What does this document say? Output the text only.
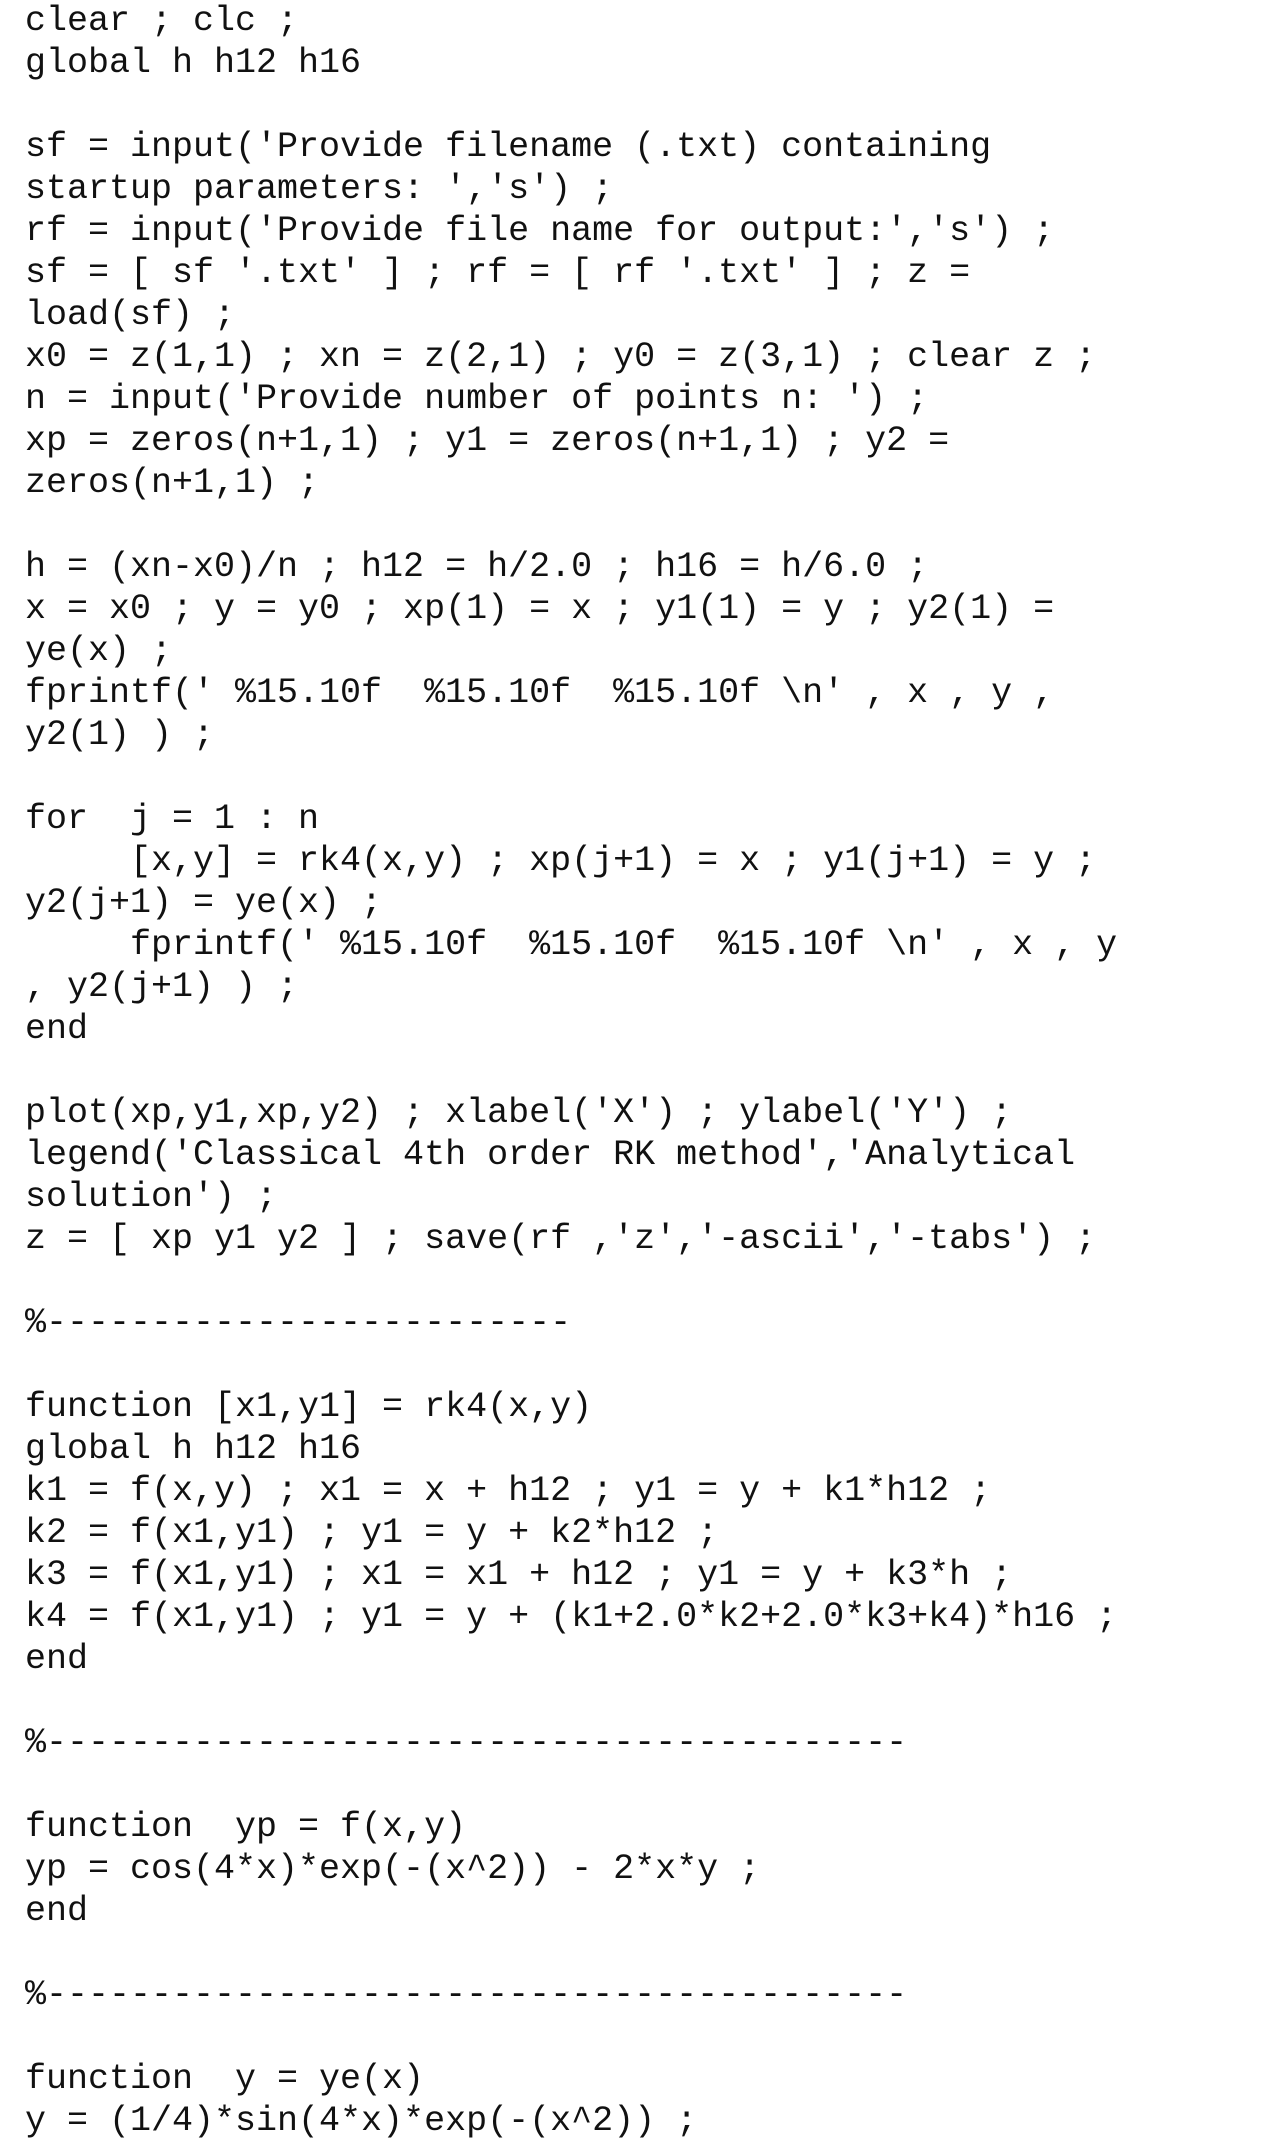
clear ; clc ;
global h h12 h16
sf = input('Provide filename (.txt) containing
startup parameters: ','s') ;
rf = input('Provide file name for output:','s') ;
sf = [ sf '.txt' ] ; rf = [ rf '.txt' ] ; z =
load(sf) ;
x0 = z(1,1) ; xn = z(2,1) ; y0 = z(3,1) ; clear z ;
n = input('Provide number of points n: ') ;
xp = zeros(n+1,1) ; y1 = zeros(n+1,1) ; y2 =
zeros(n+1,1) ;
h = (xn-x0)/n ; h12 = h/2.0 ; h16 = h/6.0 ;
x = x0 ; y = y0 ; xp(1) = x ; y1(1) = y ; y2(1) =
ye(x) ;
fprintf(' %15.10f  %15.10f  %15.10f \n' , x , y ,
y2(1) ) ;
for  j = 1 : n
[x,y] = rk4(x,y) ; xp(j+1) = x ; y1(j+1) = y ;
y2(j+1) = ye(x) ;
fprintf(' %15.10f  %15.10f  %15.10f \n' , x , y
, y2(j+1) ) ;
end
plot(xp,y1,xp,y2) ; xlabel('X') ; ylabel('Y') ;
legend('Classical 4th order RK method','Analytical
solution') ;
z = [ xp y1 y2 ] ; save(rf ,'z','-ascii','-tabs') ;
%-------------------------
function [x1,y1] = rk4(x,y)
global h h12 h16
k1 = f(x,y) ; x1 = x + h12 ; y1 = y + k1*h12 ;
k2 = f(x1,y1) ; y1 = y + k2*h12 ;
k3 = f(x1,y1) ; x1 = x1 + h12 ; y1 = y + k3*h ;
k4 = f(x1,y1) ; y1 = y + (k1+2.0*k2+2.0*k3+k4)*h16 ;
end
%-----------------------------------------
function  yp = f(x,y)
yp = cos(4*x)*exp(-(x^2)) - 2*x*y ;
end
%-----------------------------------------
function  y = ye(x)
y = (1/4)*sin(4*x)*exp(-(x^2)) ;
